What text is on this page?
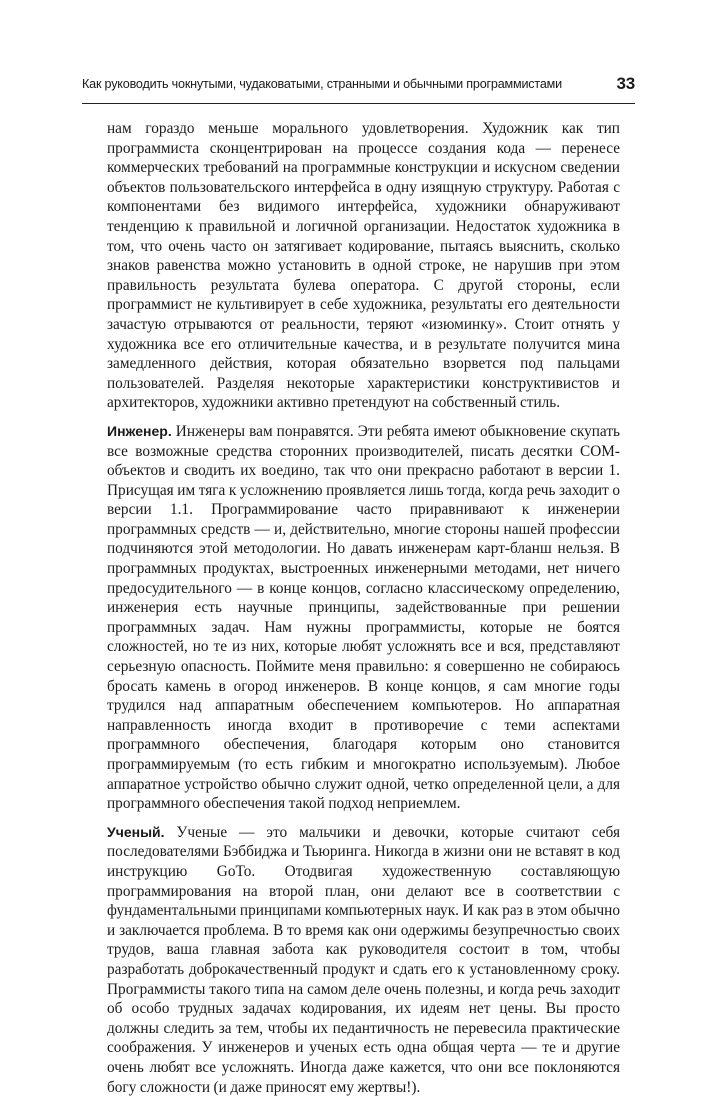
Как руководить чокнутыми, чудаковатыми, странными и обычными программистами	33

нам гораздо меньше морального удовлетворения. Художник как тип программиста сконцентрирован на процессе создания кода — перенесе коммерческих требований на программные конструкции и искусном сведении объектов пользовательского интерфейса в одну изящную структуру. Работая с компонентами без видимого интерфейса, художники обнаруживают тенденцию к правильной и логичной организации. Недостаток художника в том, что очень часто он затягивает кодирование, пытаясь выяснить, сколько знаков равенства можно установить в одной строке, не нарушив при этом правильность результата булева оператора. С другой стороны, если программист не культивирует в себе художника, результаты его деятельности зачастую отрываются от реальности, теряют «изюминку». Стоит отнять у художника все его отличительные качества, и в результате получится мина замедленного действия, которая обязательно взорвется под пальцами пользователей. Разделяя некоторые характеристики конструктивистов и архитекторов, художники активно претендуют на собственный стиль.

Инженер. Инженеры вам понравятся. Эти ребята имеют обыкновение скупать все возможные средства сторонних производителей, писать десятки COM-объектов и сводить их воедино, так что они прекрасно работают в версии 1. Присущая им тяга к усложнению проявляется лишь тогда, когда речь заходит о версии 1.1. Программирование часто приравнивают к инженерии программных средств — и, действительно, многие стороны нашей профессии подчиняются этой методологии. Но давать инженерам карт-бланш нельзя. В программных продуктах, выстроенных инженерными методами, нет ничего предосудительного — в конце концов, согласно классическому определению, инженерия есть научные принципы, задействованные при решении программных задач. Нам нужны программисты, которые не боятся сложностей, но те из них, которые любят усложнять все и вся, представляют серьезную опасность. Поймите меня правильно: я совершенно не собираюсь бросать камень в огород инженеров. В конце концов, я сам многие годы трудился над аппаратным обеспечением компьютеров. Но аппаратная направленность иногда входит в противоречие с теми аспектами программного обеспечения, благодаря которым оно становится программируемым (то есть гибким и многократно используемым). Любое аппаратное устройство обычно служит одной, четко определенной цели, а для программного обеспечения такой подход неприемлем.

Ученый. Ученые — это мальчики и девочки, которые считают себя последователями Бэббиджа и Тьюринга. Никогда в жизни они не вставят в код инструкцию GoTo. Отодвигая художественную составляющую программирования на второй план, они делают все в соответствии с фундаментальными принципами компьютерных наук. И как раз в этом обычно и заключается проблема. В то время как они одержимы безупречностью своих трудов, ваша главная забота как руководителя состоит в том, чтобы разработать доброкачественный продукт и сдать его к установленному сроку. Программисты такого типа на самом деле очень полезны, и когда речь заходит об особо трудных задачах кодирования, их идеям нет цены. Вы просто должны следить за тем, чтобы их педантичность не перевесила практические соображения. У инженеров и ученых есть одна общая черта — те и другие очень любят все усложнять. Иногда даже кажется, что они все поклоняются богу сложности (и даже приносят ему жертвы!).
